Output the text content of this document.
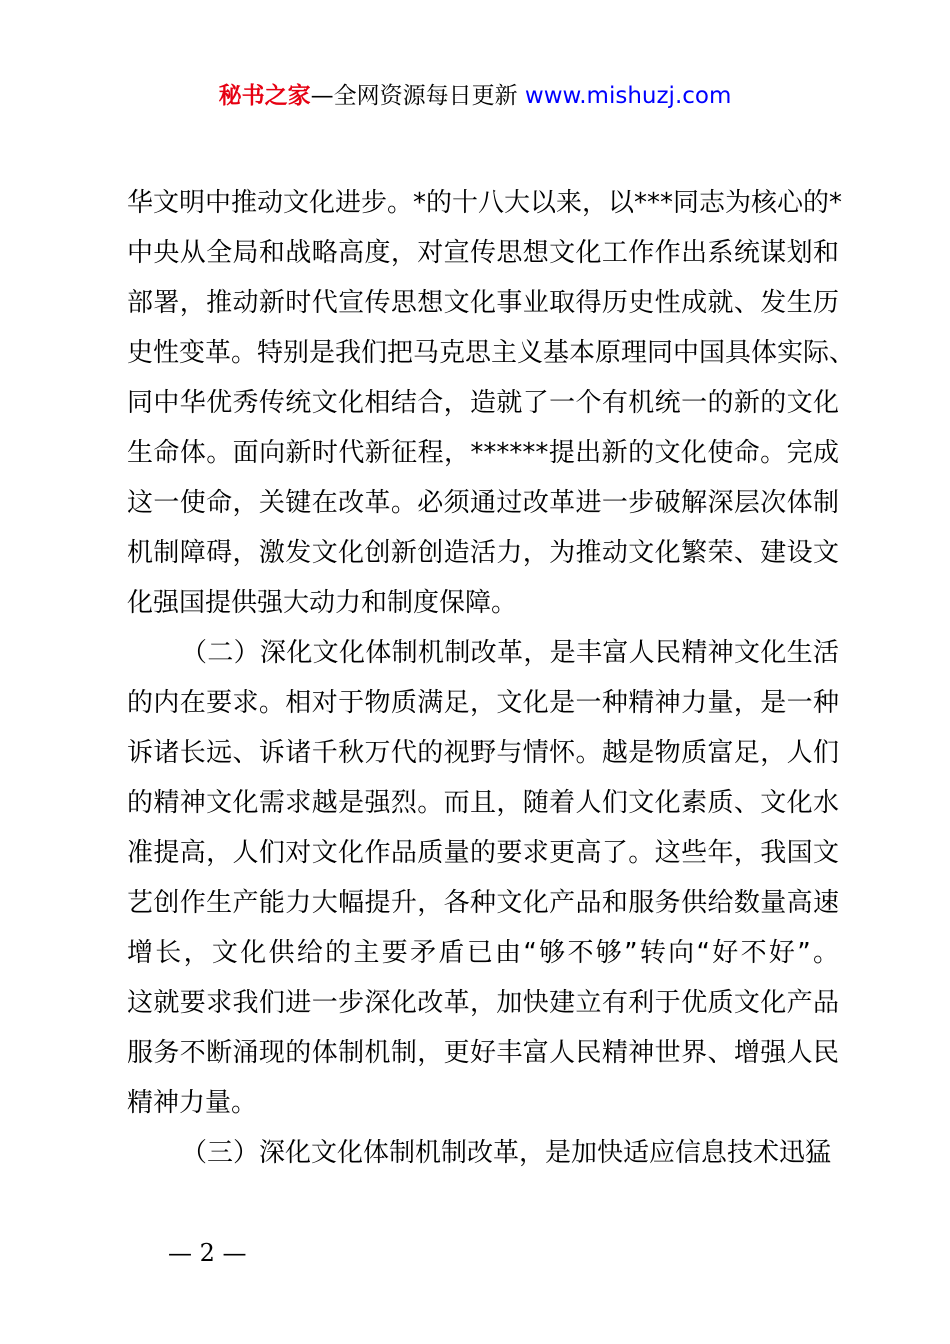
秘书之家—全网资源每日更新 www.mishuzj.com
华文明中推动文化进步。*的十八大以来，以***同志为核心的*
中央从全局和战略高度，对宣传思想文化工作作出系统谋划和
部署，推动新时代宣传思想文化事业取得历史性成就、发生历
史性变革。特别是我们把马克思主义基本原理同中国具体实际、
同中华优秀传统文化相结合，造就了一个有机统一的新的文化
生命体。面向新时代新征程，******提出新的文化使命。完成
这一使命，关键在改革。必须通过改革进一步破解深层次体制
机制障碍，激发文化创新创造活力，为推动文化繁荣、建设文
化强国提供强大动力和制度保障。
（二）深化文化体制机制改革，是丰富人民精神文化生活
的内在要求。相对于物质满足，文化是一种精神力量，是一种
诉诸长远、诉诸千秋万代的视野与情怀。越是物质富足，人们
的精神文化需求越是强烈。而且，随着人们文化素质、文化水
准提高，人们对文化作品质量的要求更高了。这些年，我国文
艺创作生产能力大幅提升，各种文化产品和服务供给数量高速
增长，文化供给的主要矛盾已由“够不够”转向“好不好”。
这就要求我们进一步深化改革，加快建立有利于优质文化产品
服务不断涌现的体制机制，更好丰富人民精神世界、增强人民
精神力量。
（三）深化文化体制机制改革，是加快适应信息技术迅猛
— 2 —
